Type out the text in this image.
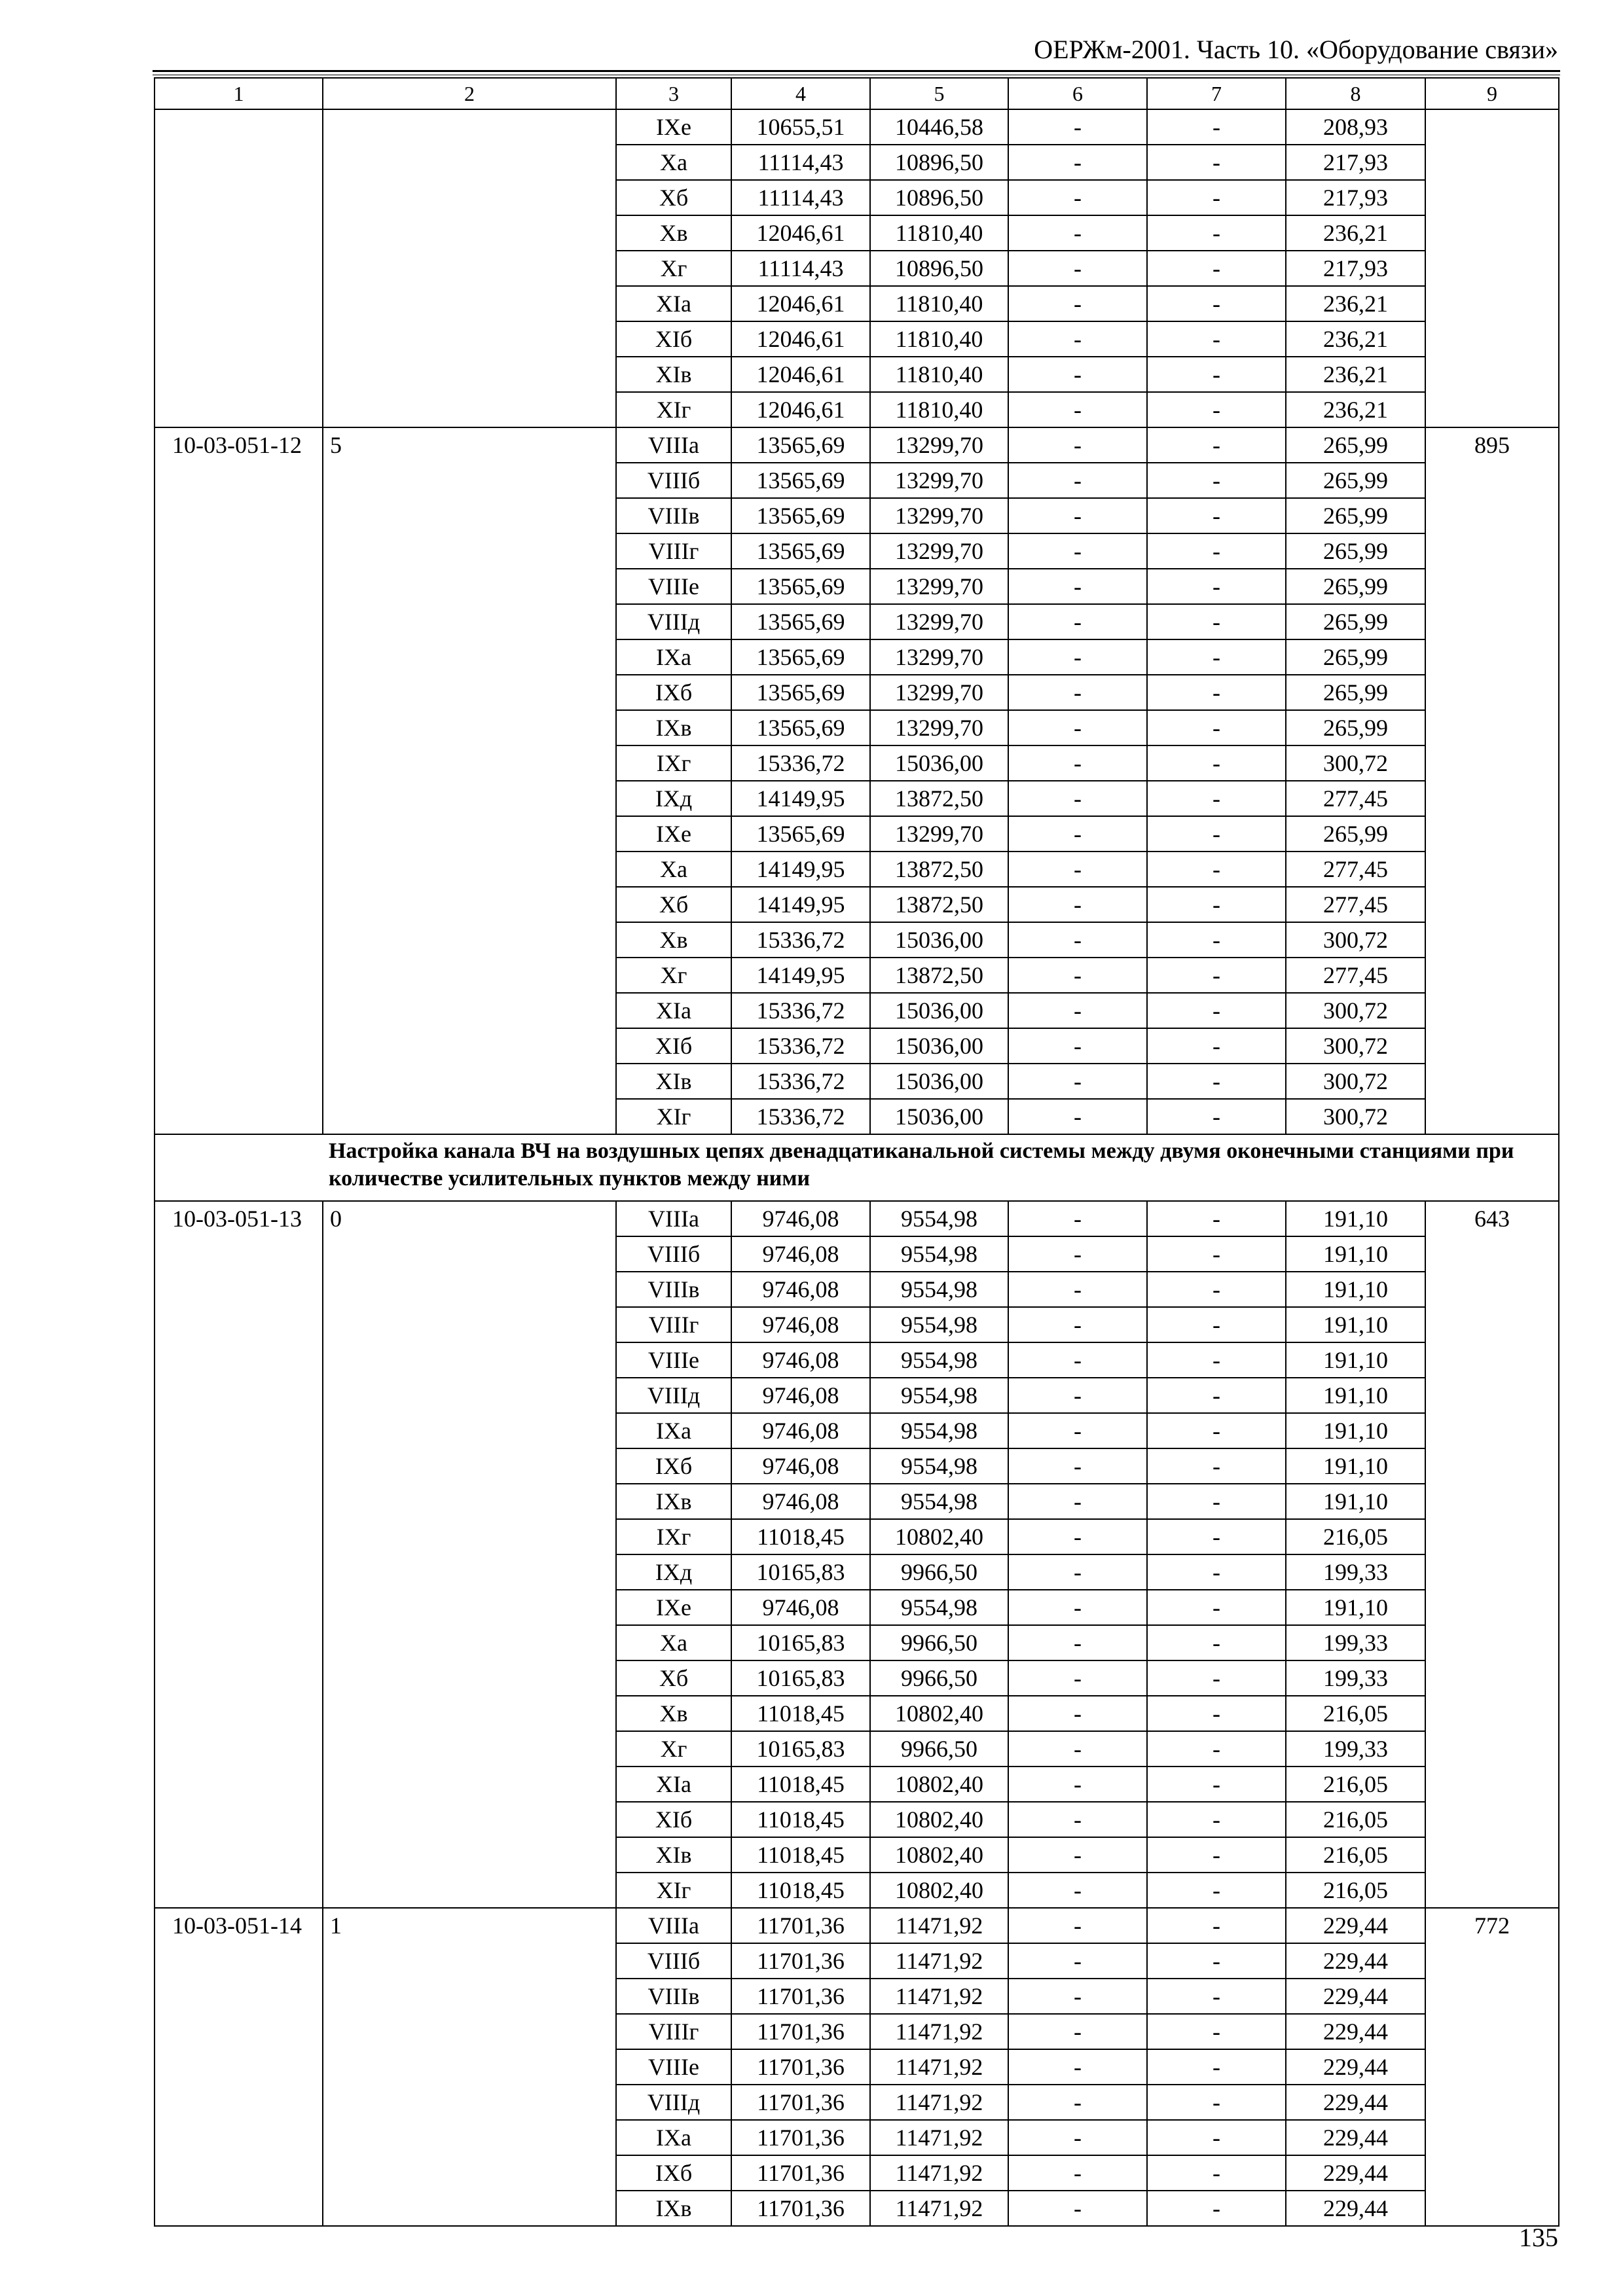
ОЕРЖм-2001. Часть 10. «Оборудование связи»
1	2	3	4	5	6	7	8	9
		IXе	10655,51	10446,58	-	-	208,93	
		Xа	11114,43	10896,50	-	-	217,93	
		Xб	11114,43	10896,50	-	-	217,93	
		Xв	12046,61	11810,40	-	-	236,21	
		Xг	11114,43	10896,50	-	-	217,93	
		XIа	12046,61	11810,40	-	-	236,21	
		XIб	12046,61	11810,40	-	-	236,21	
		XIв	12046,61	11810,40	-	-	236,21	
		XIг	12046,61	11810,40	-	-	236,21	
10-03-051-12	5	VIIIа	13565,69	13299,70	-	-	265,99	895
		VIIIб	13565,69	13299,70	-	-	265,99	
		VIIIв	13565,69	13299,70	-	-	265,99	
		VIIIг	13565,69	13299,70	-	-	265,99	
		VIIIе	13565,69	13299,70	-	-	265,99	
		VIIIд	13565,69	13299,70	-	-	265,99	
		IXа	13565,69	13299,70	-	-	265,99	
		IXб	13565,69	13299,70	-	-	265,99	
		IXв	13565,69	13299,70	-	-	265,99	
		IXг	15336,72	15036,00	-	-	300,72	
		IXд	14149,95	13872,50	-	-	277,45	
		IXе	13565,69	13299,70	-	-	265,99	
		Xа	14149,95	13872,50	-	-	277,45	
		Xб	14149,95	13872,50	-	-	277,45	
		Xв	15336,72	15036,00	-	-	300,72	
		Xг	14149,95	13872,50	-	-	277,45	
		XIа	15336,72	15036,00	-	-	300,72	
		XIб	15336,72	15036,00	-	-	300,72	
		XIв	15336,72	15036,00	-	-	300,72	
		XIг	15336,72	15036,00	-	-	300,72	
Настройка канала ВЧ на воздушных цепях двенадцатиканальной системы между двумя оконечными станциями при количестве усилительных пунктов между ними								
10-03-051-13	0	VIIIа	9746,08	9554,98	-	-	191,10	643
		VIIIб	9746,08	9554,98	-	-	191,10	
		VIIIв	9746,08	9554,98	-	-	191,10	
		VIIIг	9746,08	9554,98	-	-	191,10	
		VIIIе	9746,08	9554,98	-	-	191,10	
		VIIIд	9746,08	9554,98	-	-	191,10	
		IXа	9746,08	9554,98	-	-	191,10	
		IXб	9746,08	9554,98	-	-	191,10	
		IXв	9746,08	9554,98	-	-	191,10	
		IXг	11018,45	10802,40	-	-	216,05	
		IXд	10165,83	9966,50	-	-	199,33	
		IXе	9746,08	9554,98	-	-	191,10	
		Xа	10165,83	9966,50	-	-	199,33	
		Xб	10165,83	9966,50	-	-	199,33	
		Xв	11018,45	10802,40	-	-	216,05	
		Xг	10165,83	9966,50	-	-	199,33	
		XIа	11018,45	10802,40	-	-	216,05	
		XIб	11018,45	10802,40	-	-	216,05	
		XIв	11018,45	10802,40	-	-	216,05	
		XIг	11018,45	10802,40	-	-	216,05	
10-03-051-14	1	VIIIа	11701,36	11471,92	-	-	229,44	772
		VIIIб	11701,36	11471,92	-	-	229,44	
		VIIIв	11701,36	11471,92	-	-	229,44	
		VIIIг	11701,36	11471,92	-	-	229,44	
		VIIIе	11701,36	11471,92	-	-	229,44	
		VIIIд	11701,36	11471,92	-	-	229,44	
		IXа	11701,36	11471,92	-	-	229,44	
		IXб	11701,36	11471,92	-	-	229,44	
		IXв	11701,36	11471,92	-	-	229,44	
135
